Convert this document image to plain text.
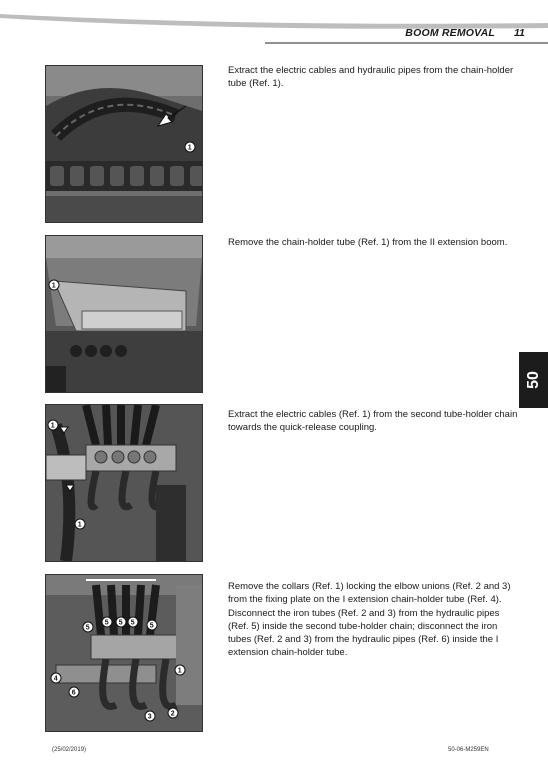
BOOM REMOVAL 11
1
Extract the electric cables and hydraulic pipes from the chain-holder tube (Ref. 1).
1
Remove the chain-holder tube (Ref. 1) from the II extension boom.
50
1
1
Extract the electric cables (Ref. 1) from the second tube-holder chain towards the quick-release coupling.
5
5 5 5 5
1
4
6
3	2
Remove the collars (Ref. 1) locking the elbow unions (Ref. 2 and 3) from the fixing plate on the I extension chain-holder tube (Ref. 4). Disconnect the iron tubes (Ref. 2 and 3) from the hydraulic pipes (Ref. 5) inside the second tube-holder chain; disconnect the iron tubes (Ref. 2 and 3) from the hydraulic pipes (Ref. 6) inside the I extension chain-holder tube.
(25/02/2019)	50-06-M259EN
